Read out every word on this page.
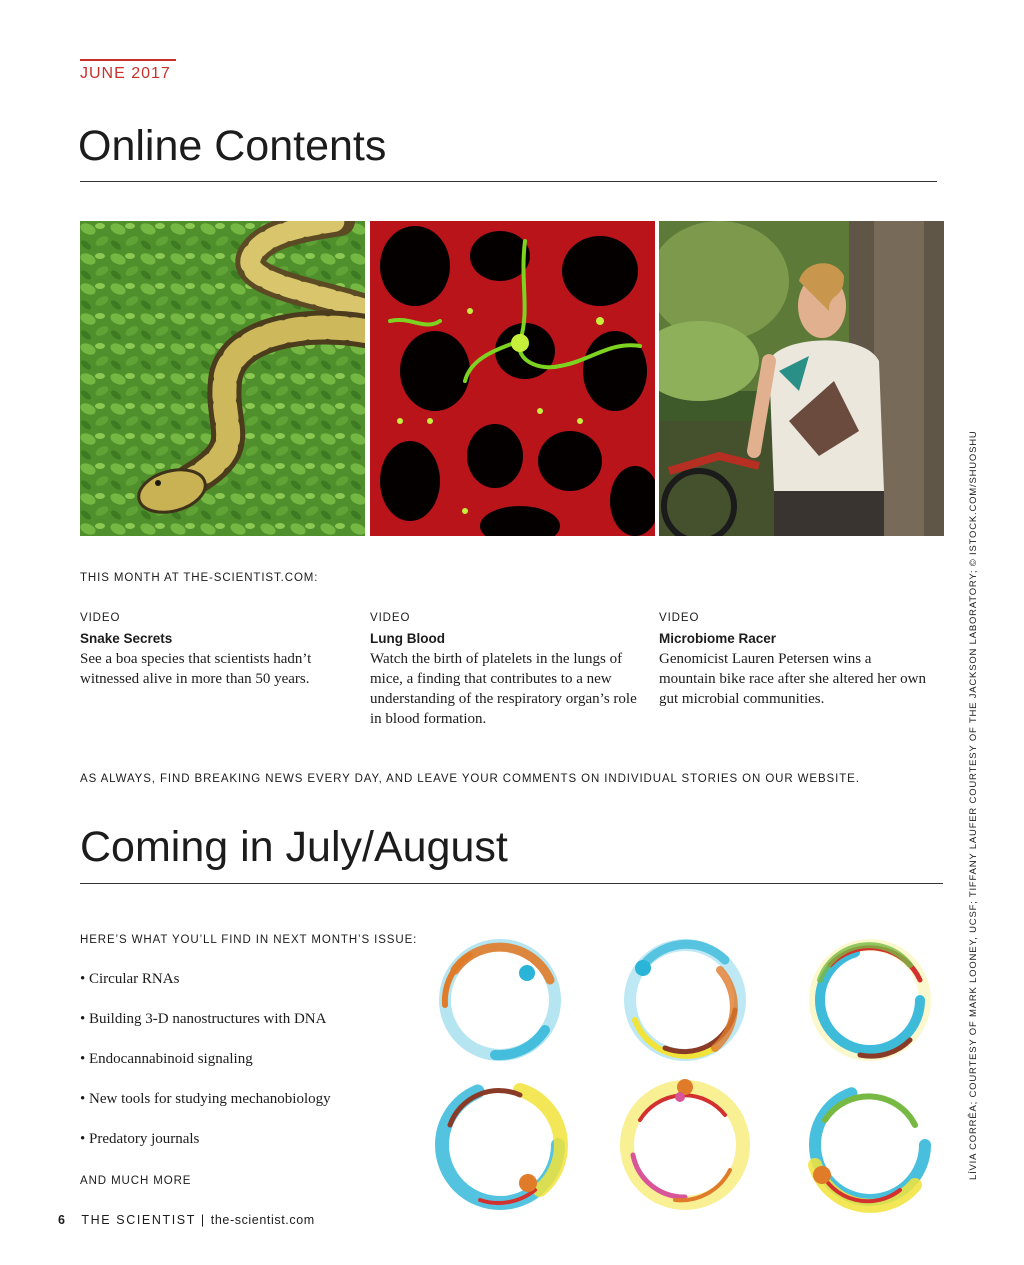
JUNE 2017
Online Contents
THIS MONTH AT THE-SCIENTIST.COM:
VIDEO
Snake Secrets
See a boa species that scientists hadn’t witnessed alive in more than 50 years.
VIDEO
Lung Blood
Watch the birth of platelets in the lungs of mice, a finding that contributes to a new understanding of the respiratory organ’s role in blood formation.
VIDEO
Microbiome Racer
Genomicist Lauren Petersen wins a mountain bike race after she altered her own gut microbial communities.
AS ALWAYS, FIND BREAKING NEWS EVERY DAY, AND LEAVE YOUR COMMENTS ON INDIVIDUAL STORIES ON OUR WEBSITE.
Coming in July/August
HERE’S WHAT YOU’LL FIND IN NEXT MONTH’S ISSUE:
• Circular RNAs
• Building 3-D nanostructures with DNA
• Endocannabinoid signaling
• New tools for studying mechanobiology
• Predatory journals
AND MUCH MORE
6 THE SCIENTIST | the-scientist.com
LÍVIA CORRÊA; COURTESY OF MARK LOONEY, UCSF; TIFFANY LAUFER COURTESY OF THE JACKSON LABORATORY; © ISTOCK.COM/SHUOSHU
